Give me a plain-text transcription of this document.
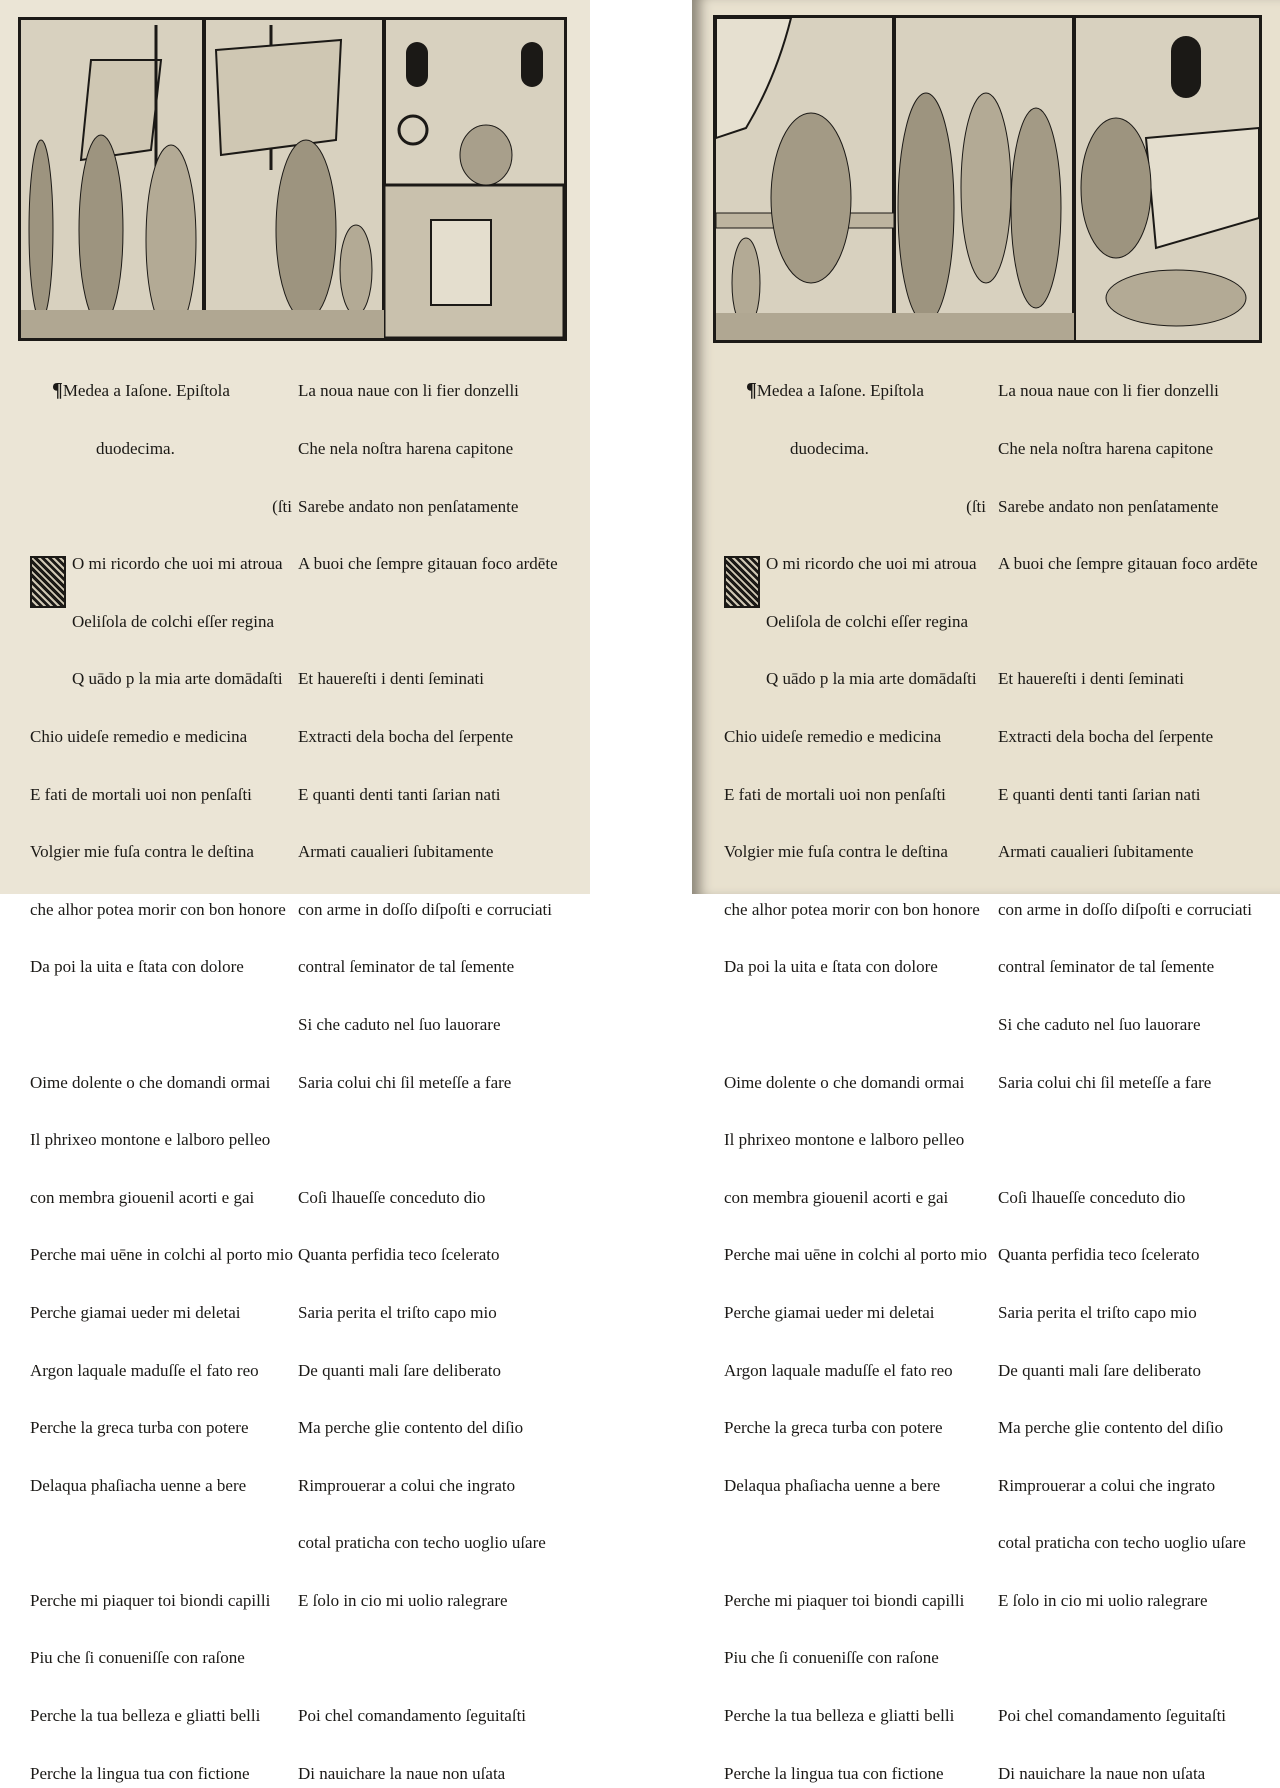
¶Medea a Iaſone. Epiſtola

duodecima.

(ſti

O mi ricordo che uoi mi atroua

Oeliſola de colchi eſſer regina

Q uādo p la mia arte domādaſti

Chio uideſe remedio e medicina

E fati de mortali uoi non penſaſti

Volgier mie fuſa contra le deſtina

che alhor potea morir con bon honore

Da poi la uita e ſtata con dolore

Oime dolente o che domandi ormai

Il phrixeo montone e lalboro pelleo

con membra giouenil acorti e gai

Perche mai uēne in colchi al porto mio

Perche giamai ueder mi deletai

Argon laquale maduſſe el fato reo

Perche la greca turba con potere

Delaqua phaſiacha uenne a bere

Perche mi piaquer toi biondi capilli

Piu che ſi conueniſſe con raſone

Perche la tua belleza e gliatti belli

Perche la lingua tua con fictione

La noua naue con li fier donzelli

Che nela noſtra harena capitone

Sarebe andato non penſatamente

A buoi che ſempre gitauan foco ardēte

Et hauereſti i denti ſeminati

Extracti dela bocha del ſerpente

E quanti denti tanti ſarian nati

Armati caualieri ſubitamente

con arme in doſſo diſpoſti e corruciati

contral ſeminator de tal ſemente

Si che caduto nel ſuo lauorare

Saria colui chi ſil meteſſe a fare

Coſi lhaueſſe conceduto dio

Quanta perfidia teco ſcelerato

Saria perita el triſto capo mio

De quanti mali ſare deliberato

Ma perche glie contento del diſio

Rimprouerar a colui che ingrato

cotal praticha con techo uoglio uſare

E ſolo in cio mi uolio ralegrare

Poi chel comandamento ſeguitaſti

Di nauichare la naue non uſata

¶Medea a Iaſone. Epiſtola

duodecima.

(ſti

O mi ricordo che uoi mi atroua

Oeliſola de colchi eſſer regina

Q uādo p la mia arte domādaſti

Chio uideſe remedio e medicina

E fati de mortali uoi non penſaſti

Volgier mie fuſa contra le deſtina

che alhor potea morir con bon honore

Da poi la uita e ſtata con dolore

Oime dolente o che domandi ormai

Il phrixeo montone e lalboro pelleo

con membra giouenil acorti e gai

Perche mai uēne in colchi al porto mio

Perche giamai ueder mi deletai

Argon laquale maduſſe el fato reo

Perche la greca turba con potere

Delaqua phaſiacha uenne a bere

Perche mi piaquer toi biondi capilli

Piu che ſi conueniſſe con raſone

Perche la tua belleza e gliatti belli

Perche la lingua tua con fictione

La noua naue con li fier donzelli

Che nela noſtra harena capitone

Sarebe andato non penſatamente

A buoi che ſempre gitauan foco ardēte

Et hauereſti i denti ſeminati

Extracti dela bocha del ſerpente

E quanti denti tanti ſarian nati

Armati caualieri ſubitamente

con arme in doſſo diſpoſti e corruciati

contral ſeminator de tal ſemente

Si che caduto nel ſuo lauorare

Saria colui chi ſil meteſſe a fare

Coſi lhaueſſe conceduto dio

Quanta perfidia teco ſcelerato

Saria perita el triſto capo mio

De quanti mali ſare deliberato

Ma perche glie contento del diſio

Rimprouerar a colui che ingrato

cotal praticha con techo uoglio uſare

E ſolo in cio mi uolio ralegrare

Poi chel comandamento ſeguitaſti

Di nauichare la naue non uſata
